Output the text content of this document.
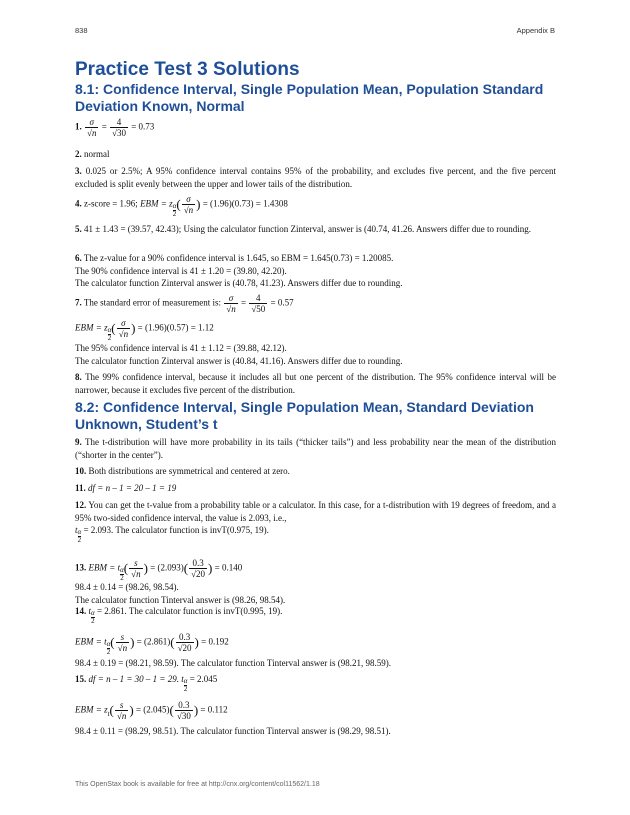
838	Appendix B
Practice Test 3 Solutions
8.1: Confidence Interval, Single Population Mean, Population Standard Deviation Known, Normal
1. $\frac{\sigma}{√n} = \frac{4}{√30} = 0.73$
2. normal
3. 0.025 or 2.5%; A 95% confidence interval contains 95% of the probability, and excludes five percent, and the five percent excluded is split evenly between the upper and lower tails of the distribution.
4. z-score = 1.96; EBM = z $\frac{\alpha}{2}( \frac{\sigma}{√n}$ ) = (1.96)(0.73) = 1.4308
5. 41 ± 1.43 = (39.57, 42.43); Using the calculator function Zinterval, answer is (40.74, 41.26. Answers differ due to rounding.
6. The z-value for a 90% confidence interval is 1.645, so EBM = 1.645(0.73) = 1.20085.
The 90% confidence interval is 41 ± 1.20 = (39.80, 42.20).
The calculator function Zinterval answer is (40.78, 41.23). Answers differ due to rounding.
7. The standard error of measurement is: $\frac{\sigma}{√n} = \frac{4}{√50} = 0.57$
EBM = z $\frac{\alpha}{2}( \frac{\sigma}{√n}$ ) = (1.96)(0.57) = 1.12
The 95% confidence interval is 41 ± 1.12 = (39.88, 42.12).
The calculator function Zinterval answer is (40.84, 41.16). Answers differ due to rounding.
8. The 99% confidence interval, because it includes all but one percent of the distribution. The 95% confidence interval will be narrower, because it excludes five percent of the distribution.
8.2: Confidence Interval, Single Population Mean, Standard Deviation Unknown, Student’s t
9. The t-distribution will have more probability in its tails (“thicker tails”) and less probability near the mean of the distribution (“shorter in the center”).
10. Both distributions are symmetrical and centered at zero.
11. df = n – 1 = 20 – 1 = 19
12. You can get the t-value from a probability table or a calculator. In this case, for a t-distribution with 19 degrees of freedom, and a 95% two-sided confidence interval, the value is 2.093, i.e.,
t $\frac{\alpha}{2} = 2.093$. The calculator function is invT(0.975, 19).
13. EBM = t $\frac{\alpha}{2}( \frac{s}{√n}$ ) = $(2.093)( \frac{0.3}{√20}$ ) = 0.140
98.4 ± 0.14 = (98.26, 98.54).
The calculator function Tinterval answer is (98.26, 98.54).
14. t $\frac{\alpha}{2} = 2.861$. The calculator function is invT(0.995, 19).
EBM = t $\frac{\alpha}{2}( \frac{s}{√n}$ ) = $(2.861)( \frac{0.3}{√20}$ ) = 0.192
98.4 ± 0.19 = (98.21, 98.59). The calculator function Tinterval answer is (98.21, 98.59).
15. df = n – 1 = 30 – 1 = 29. t $\frac{\alpha}{2} = 2.045$
EBM = $zt( \frac{s}{√n}$ ) = $(2.045)( \frac{0.3}{√30}$ ) = 0.112
98.4 ± 0.11 = (98.29, 98.51). The calculator function Tinterval answer is (98.29, 98.51).
This OpenStax book is available for free at http://cnx.org/content/col11562/1.18
